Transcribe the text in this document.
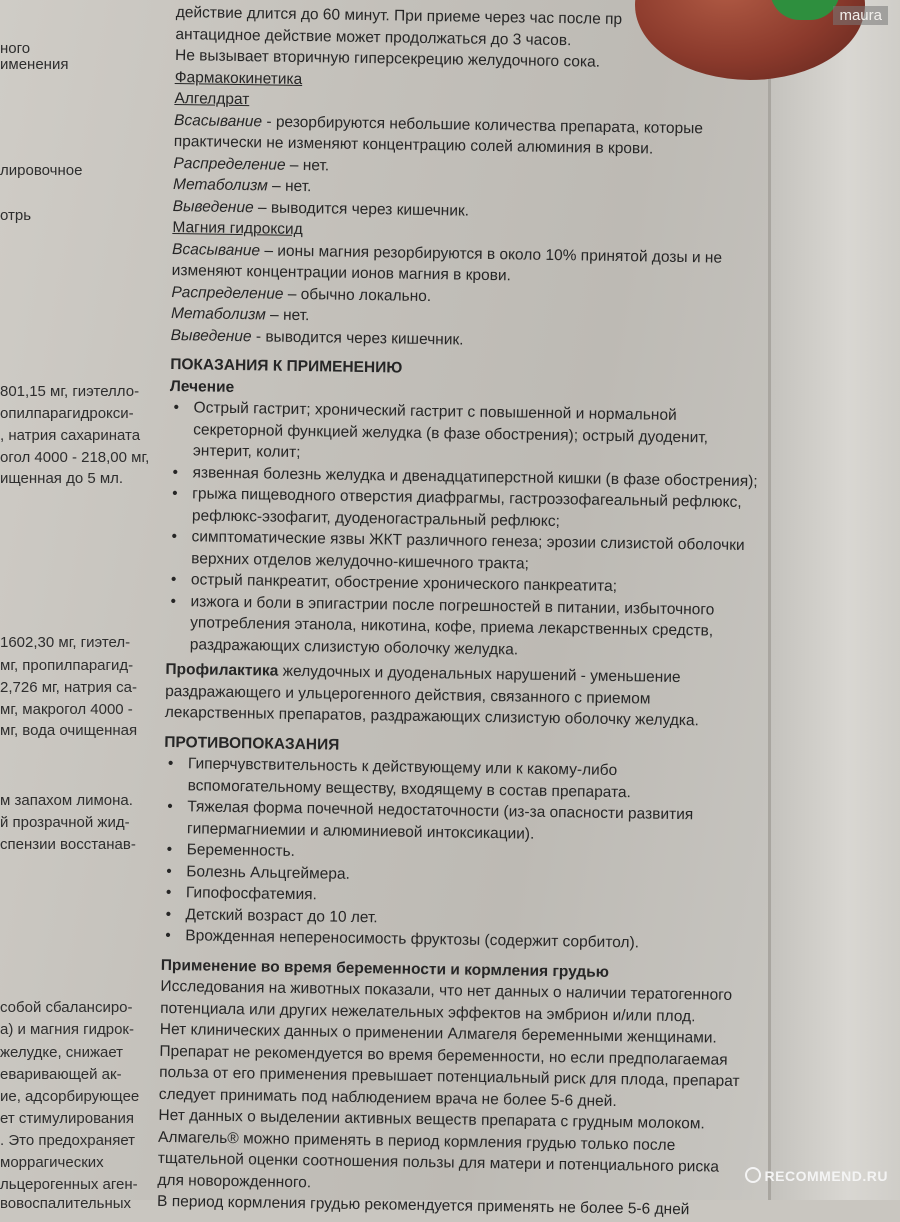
ного
именения
лировочное
отрь
801,15 мг, гиэтелло-
опилпарагидрокси-
, натрия сахарината
огол 4000 - 218,00 мг,
ищенная до 5 мл.
1602,30 мг, гиэтел-
мг, пропилпарагид-
2,726 мг, натрия са-
мг, макрогол 4000 -
мг, вода очищенная
м запахом лимона.
й прозрачной жид-
спензии восстанав-
собой сбалансиро-
а) и магния гидрок-
желудке, снижает
еваривающей ак-
ие, адсорбирующее
ет стимулирования
. Это предохраняет
моррагических
льцерогенных аген-
вовоспалительных

действие длится до 60 минут. При приеме через час после пр

антацидное действие может продолжаться до 3 часов.

Не вызывает вторичную гиперсекрецию желудочного сока.

Фармакокинетика

Алгелдрат

Всасывание - резорбируются небольшие количества препарата, которые практически не изменяют концентрацию солей алюминия в крови.

Распределение – нет.

Метаболизм – нет.

Выведение – выводится через кишечник.

Магния гидроксид

Всасывание – ионы магния резорбируются в около 10% принятой дозы и не изменяют концентрации ионов магния в крови.

Распределение – обычно локально.

Метаболизм – нет.

Выведение - выводится через кишечник.

ПОКАЗАНИЯ К ПРИМЕНЕНИЮ

Лечение

• Острый гастрит; хронический гастрит с повышенной и нормальной секреторной функцией желудка (в фазе обострения); острый дуоденит, энтерит, колит;

• язвенная болезнь желудка и двенадцатиперстной кишки (в фазе обострения);

• грыжа пищеводного отверстия диафрагмы, гастроэзофагеальный рефлюкс, рефлюкс-эзофагит, дуоденогастральный рефлюкс;

• симптоматические язвы ЖКТ различного генеза; эрозии слизистой оболочки верхних отделов желудочно-кишечного тракта;

• острый панкреатит, обострение хронического панкреатита;

• изжога и боли в эпигастрии после погрешностей в питании, избыточного употребления этанола, никотина, кофе, приема лекарственных средств, раздражающих слизистую оболочку желудка.

Профилактика желудочных и дуоденальных нарушений - уменьшение раздражающего и ульцерогенного действия, связанного с приемом лекарственных препаратов, раздражающих слизистую оболочку желудка.

ПРОТИВОПОКАЗАНИЯ

• Гиперчувствительность к действующему или к какому-либо вспомогательному веществу, входящему в состав препарата.

• Тяжелая форма почечной недостаточности (из-за опасности развития гипермагниемии и алюминиевой интоксикации).

• Беременность.

• Болезнь Альцгеймера.

• Гипофосфатемия.

• Детский возраст до 10 лет.

• Врожденная непереносимость фруктозы (содержит сорбитол).

Применение во время беременности и кормления грудью

Исследования на животных показали, что нет данных о наличии тератогенного потенциала или других нежелательных эффектов на эмбрион и/или плод.

Нет клинических данных о применении Алмагеля беременными женщинами. Препарат не рекомендуется во время беременности, но если предполагаемая польза от его применения превышает потенциальный риск для плода, препарат следует принимать под наблюдением врача не более 5-6 дней.

Нет данных о выделении активных веществ препарата с грудным молоком. Алмагель® можно применять в период кормления грудью только после тщательной оценки соотношения пользы для матери и потенциального риска для новорожденного.

В период кормления грудью рекомендуется применять не более 5-6 дней

maura
RECOMMEND.RU
